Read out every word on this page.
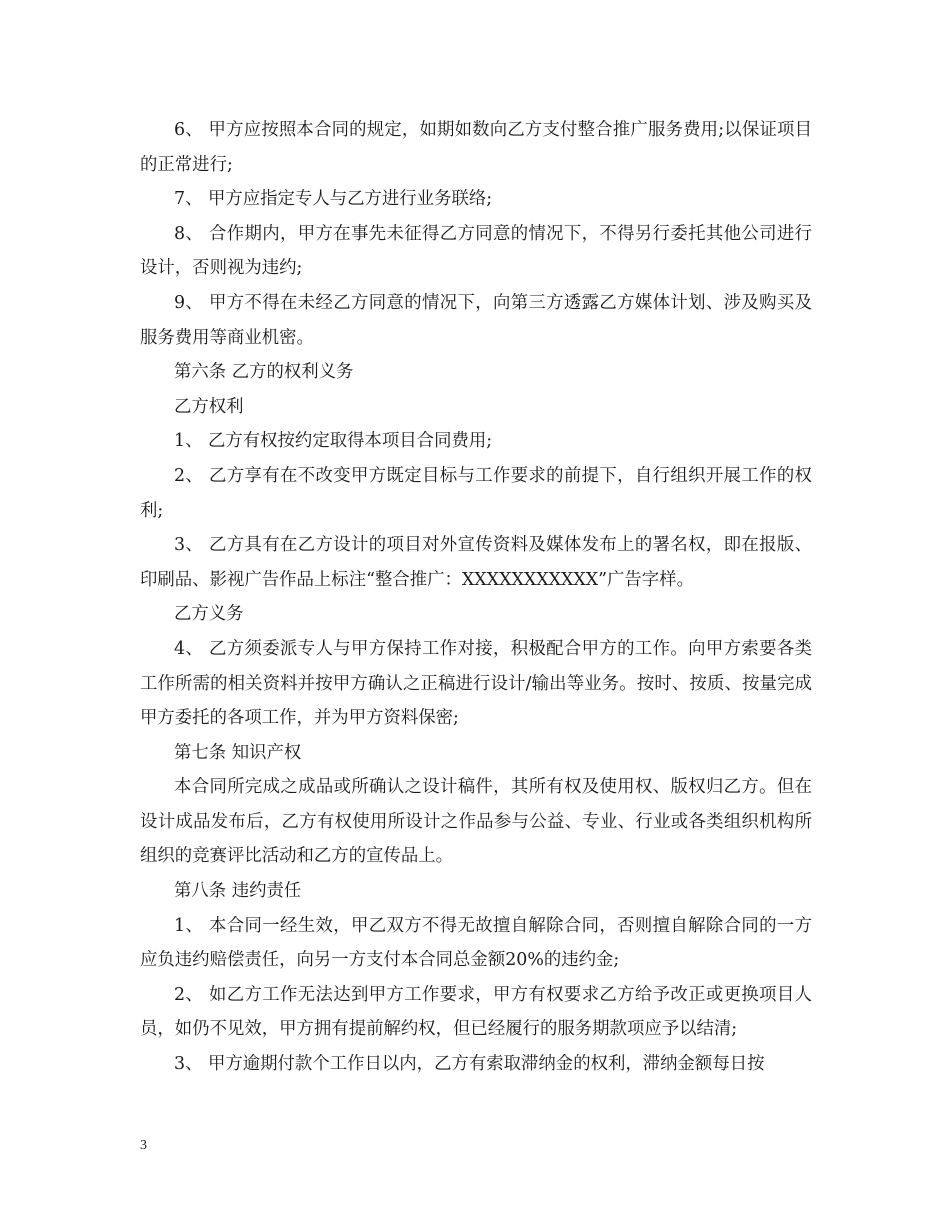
6、 甲方应按照本合同的规定，如期如数向乙方支付整合推广服务费用;以保证项目的正常进行;

7、 甲方应指定专人与乙方进行业务联络;

8、 合作期内，甲方在事先未征得乙方同意的情况下，不得另行委托其他公司进行设计，否则视为违约;

9、 甲方不得在未经乙方同意的情况下，向第三方透露乙方媒体计划、涉及购买及服务费用等商业机密。

第六条 乙方的权利义务

乙方权利

1、 乙方有权按约定取得本项目合同费用;

2、 乙方享有在不改变甲方既定目标与工作要求的前提下，自行组织开展工作的权利;

3、 乙方具有在乙方设计的项目对外宣传资料及媒体发布上的署名权，即在报版、印刷品、影视广告作品上标注“整合推广：XXXXXXXXXXX”广告字样。

乙方义务

4、 乙方须委派专人与甲方保持工作对接，积极配合甲方的工作。向甲方索要各类工作所需的相关资料并按甲方确认之正稿进行设计/输出等业务。按时、按质、按量完成甲方委托的各项工作，并为甲方资料保密;

第七条 知识产权

本合同所完成之成品或所确认之设计稿件，其所有权及使用权、版权归乙方。但在设计成品发布后，乙方有权使用所设计之作品参与公益、专业、行业或各类组织机构所组织的竞赛评比活动和乙方的宣传品上。

第八条 违约责任

1、 本合同一经生效，甲乙双方不得无故擅自解除合同，否则擅自解除合同的一方应负违约赔偿责任，向另一方支付本合同总金额20%的违约金;

2、 如乙方工作无法达到甲方工作要求，甲方有权要求乙方给予改正或更换项目人员，如仍不见效，甲方拥有提前解约权，但已经履行的服务期款项应予以结清;

3、 甲方逾期付款个工作日以内，乙方有索取滞纳金的权利，滞纳金额每日按

3
